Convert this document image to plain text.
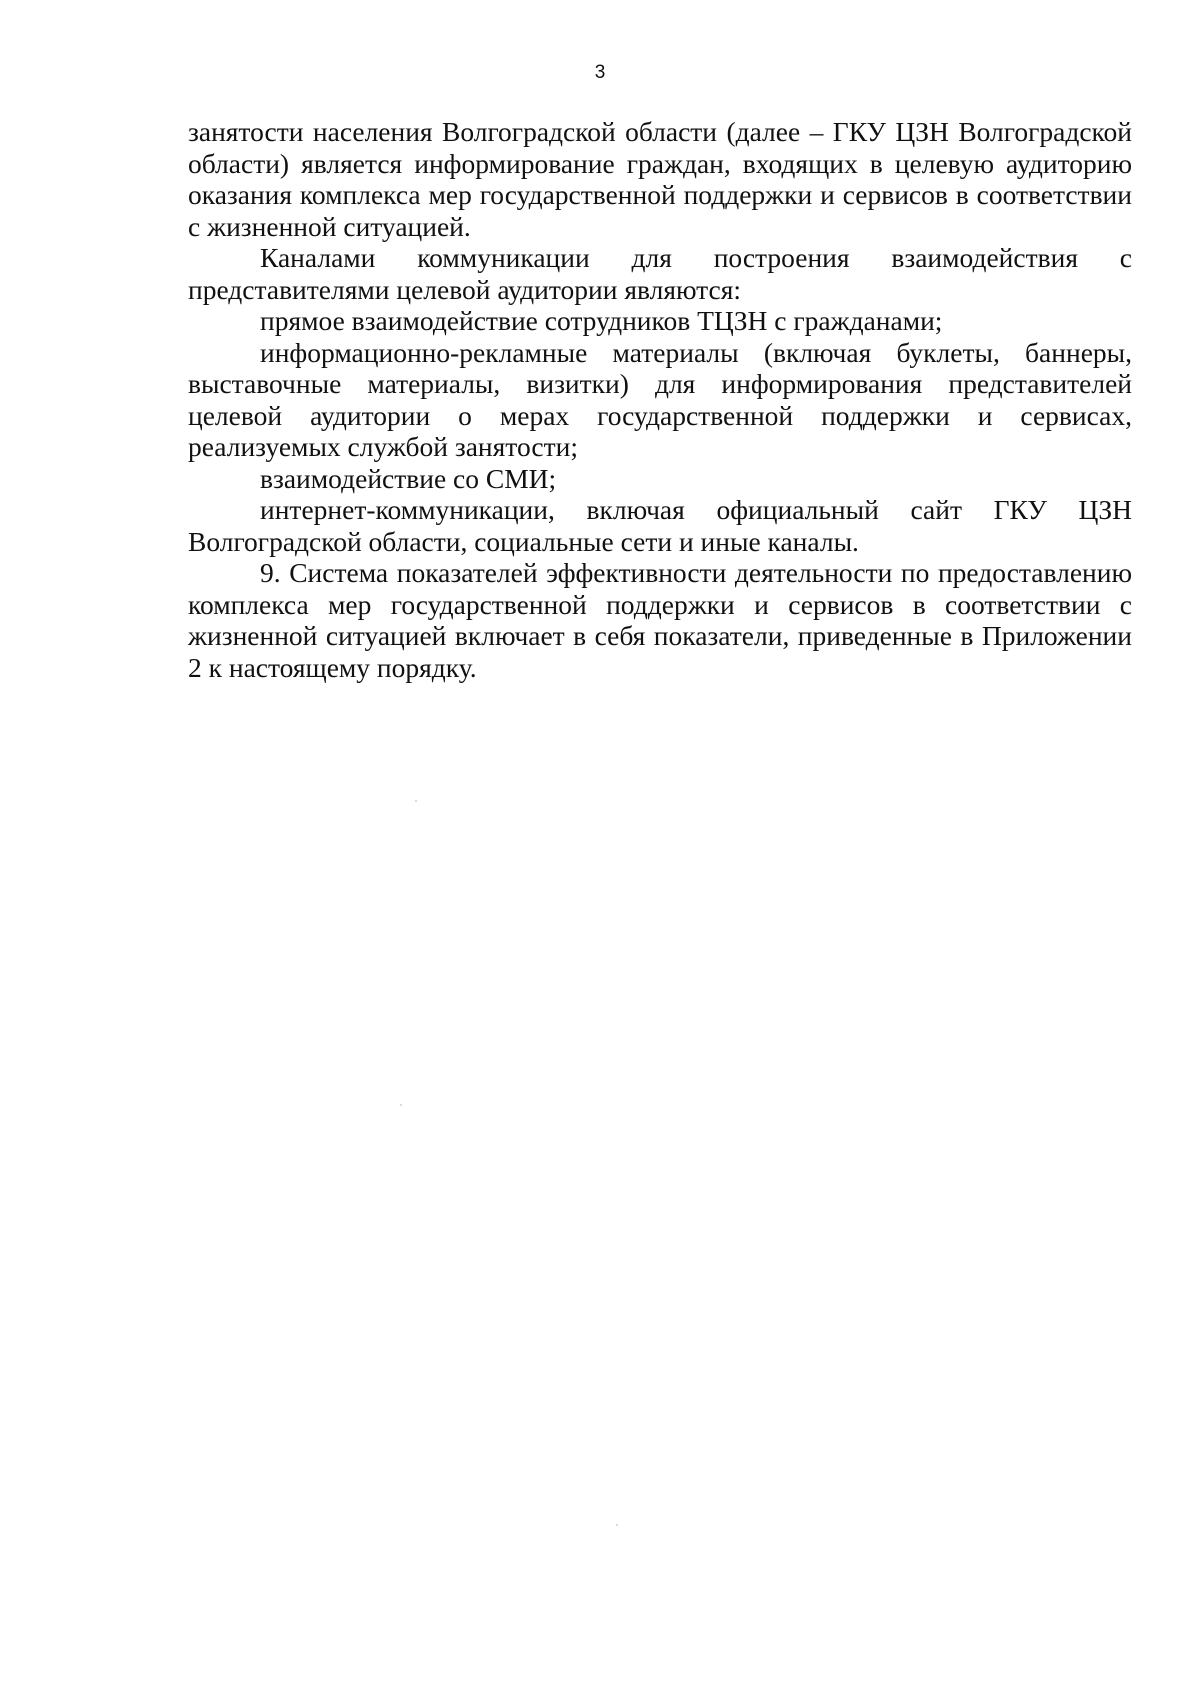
3

занятости населения Волгоградской области (далее – ГКУ ЦЗН Волгоградской области) является информирование граждан, входящих в целевую аудиторию оказания комплекса мер государственной поддержки и сервисов в соответствии с жизненной ситуацией.

Каналами коммуникации для построения взаимодействия с представителями целевой аудитории являются:

прямое взаимодействие сотрудников ТЦЗН с гражданами;

информационно-рекламные материалы (включая буклеты, баннеры, выставочные материалы, визитки) для информирования представителей целевой аудитории о мерах государственной поддержки и сервисах, реализуемых службой занятости;

взаимодействие со СМИ;

интернет-коммуникации, включая официальный сайт ГКУ ЦЗН Волгоградской области, социальные сети и иные каналы.

9. Система показателей эффективности деятельности по предоставлению комплекса мер государственной поддержки и сервисов в соответствии с жизненной ситуацией включает в себя показатели, приведенные в Приложении 2 к настоящему порядку.
